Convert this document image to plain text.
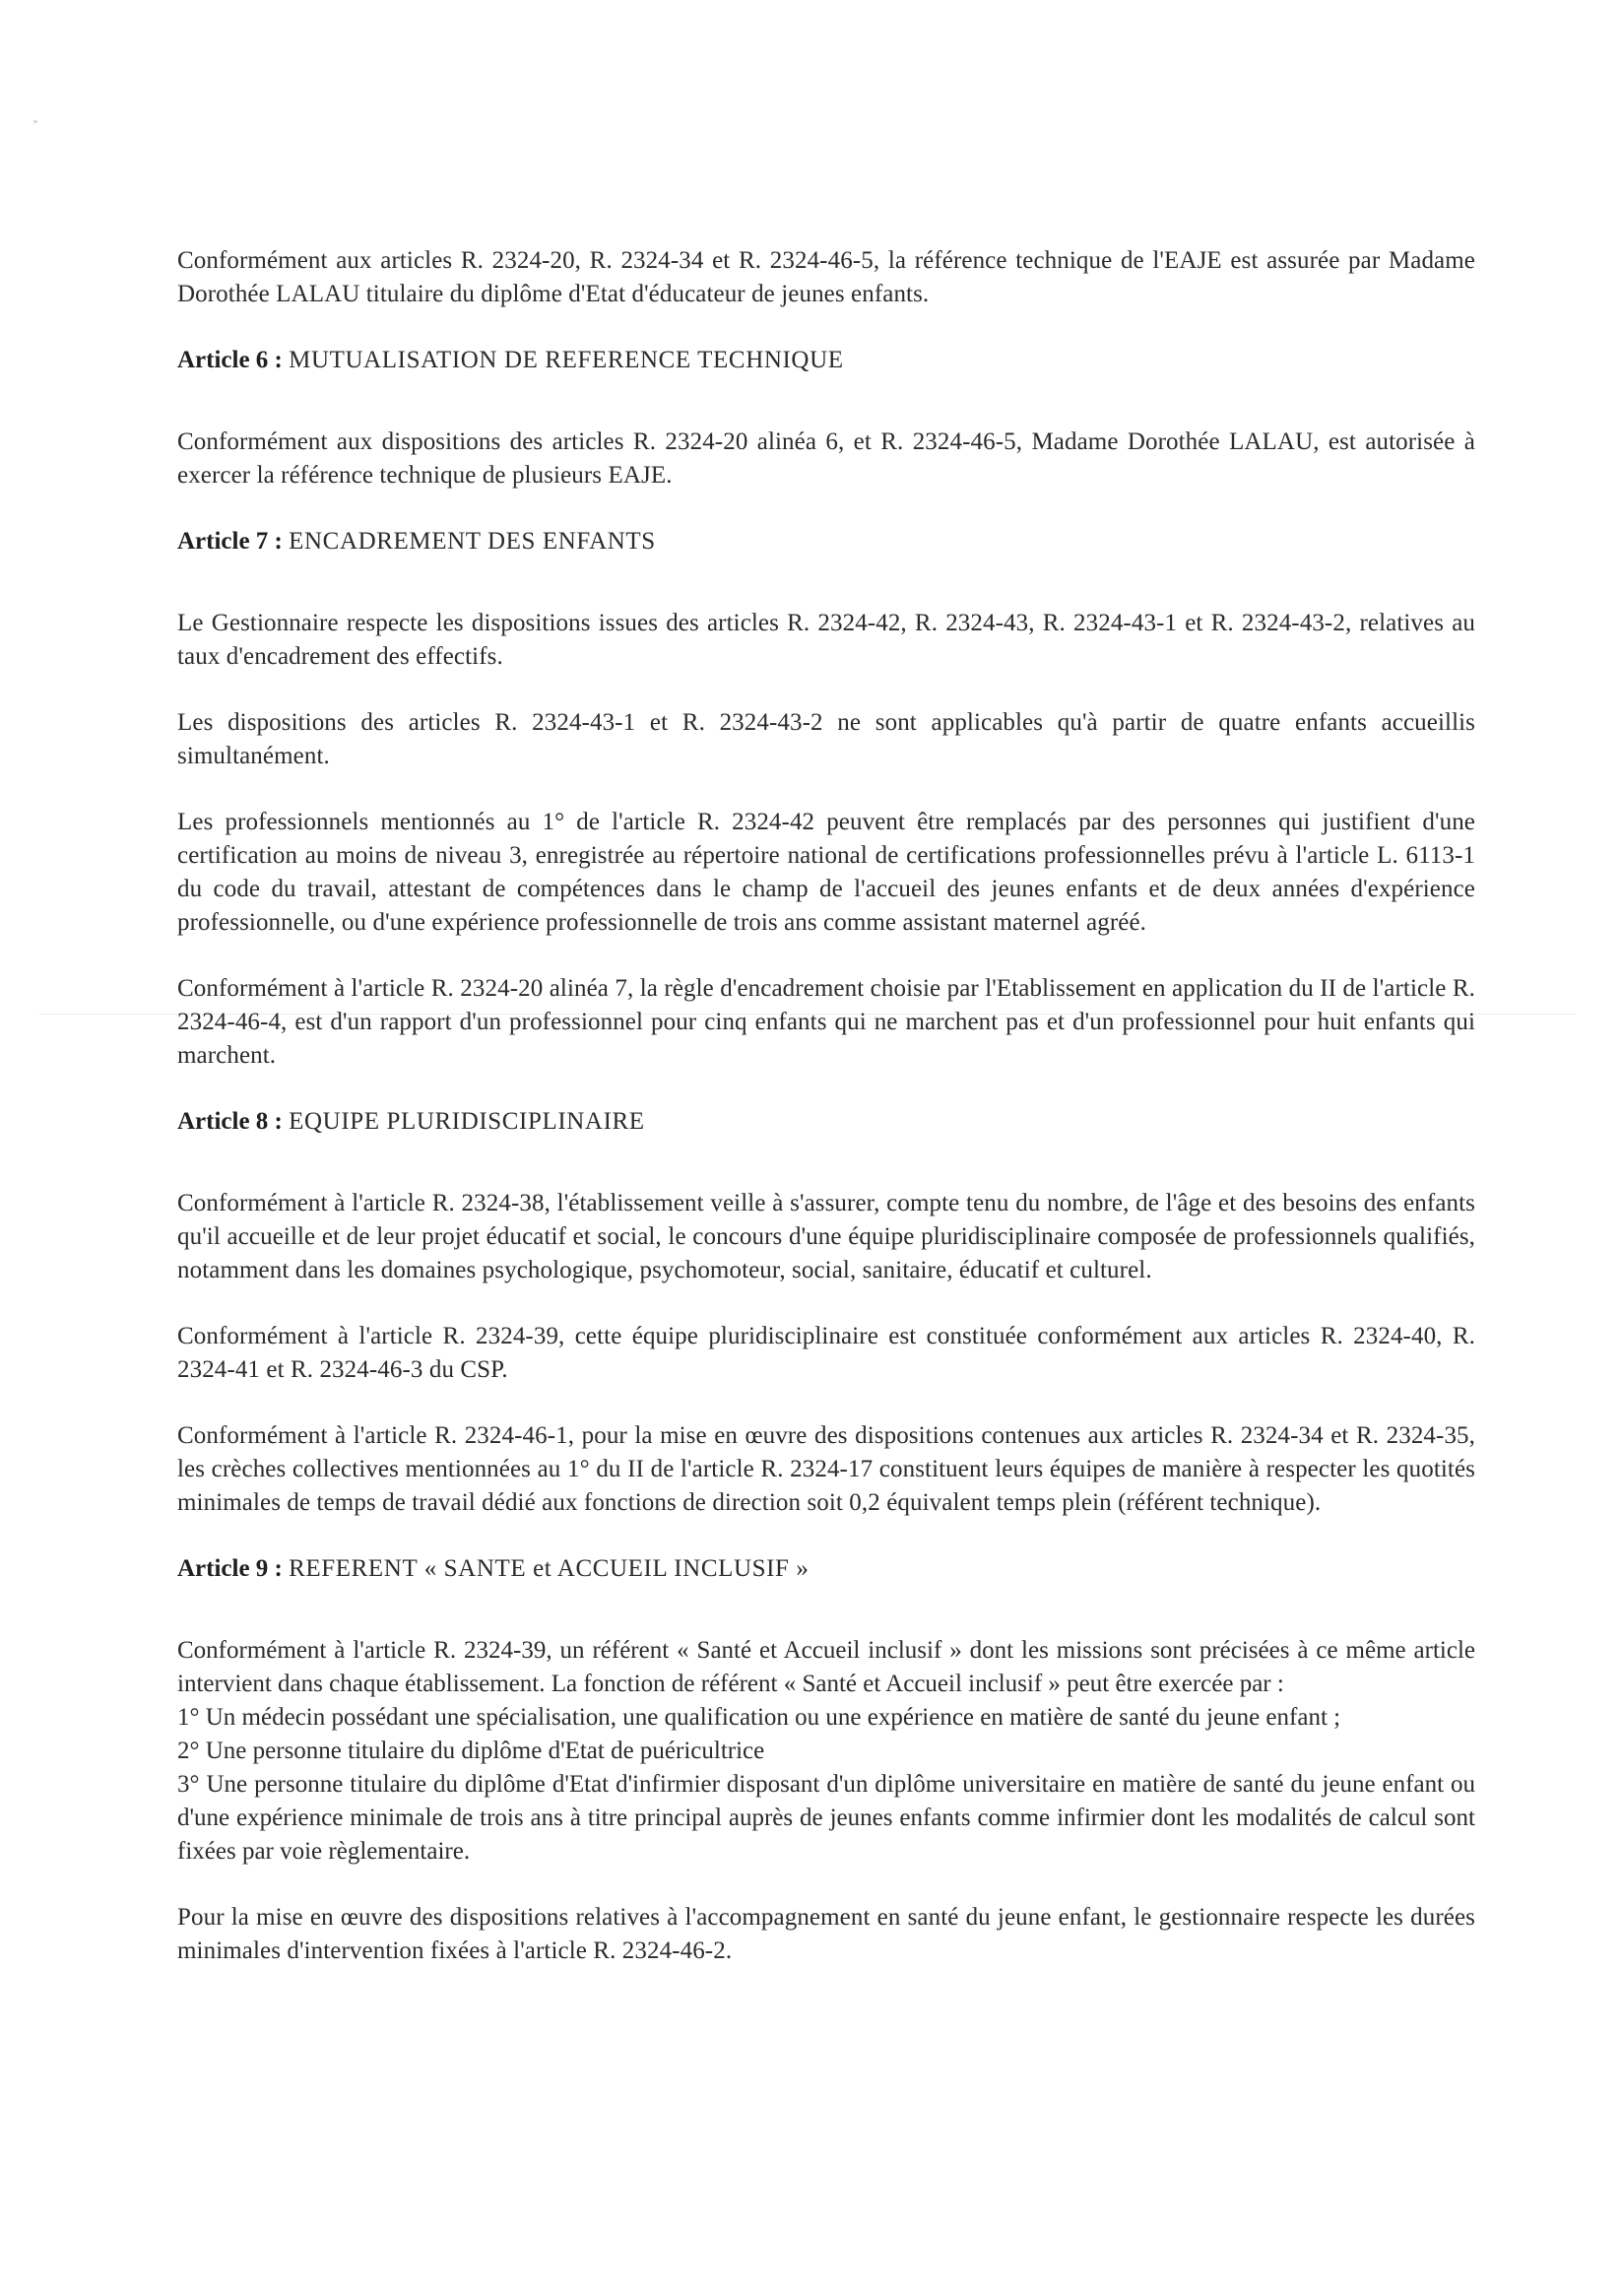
Conformément aux articles R. 2324-20, R. 2324-34 et R. 2324-46-5, la référence technique de l'EAJE est assurée par Madame Dorothée LALAU titulaire du diplôme d'Etat d'éducateur de jeunes enfants.

Article 6 : MUTUALISATION DE REFERENCE TECHNIQUE

Conformément aux dispositions des articles R. 2324-20 alinéa 6, et R. 2324-46-5, Madame Dorothée LALAU, est autorisée à exercer la référence technique de plusieurs EAJE.

Article 7 : ENCADREMENT DES ENFANTS

Le Gestionnaire respecte les dispositions issues des articles R. 2324-42, R. 2324-43, R. 2324-43-1 et R. 2324-43-2, relatives au taux d'encadrement des effectifs.

Les dispositions des articles R. 2324-43-1 et R. 2324-43-2 ne sont applicables qu'à partir de quatre enfants accueillis simultanément.

Les professionnels mentionnés au 1° de l'article R. 2324-42 peuvent être remplacés par des personnes qui justifient d'une certification au moins de niveau 3, enregistrée au répertoire national de certifications professionnelles prévu à l'article L. 6113-1 du code du travail, attestant de compétences dans le champ de l'accueil des jeunes enfants et de deux années d'expérience professionnelle, ou d'une expérience professionnelle de trois ans comme assistant maternel agréé.

Conformément à l'article R. 2324-20 alinéa 7, la règle d'encadrement choisie par l'Etablissement en application du II de l'article R. 2324-46-4, est d'un rapport d'un professionnel pour cinq enfants qui ne marchent pas et d'un professionnel pour huit enfants qui marchent.

Article 8 : EQUIPE PLURIDISCIPLINAIRE

Conformément à l'article R. 2324-38, l'établissement veille à s'assurer, compte tenu du nombre, de l'âge et des besoins des enfants qu'il accueille et de leur projet éducatif et social, le concours d'une équipe pluridisciplinaire composée de professionnels qualifiés, notamment dans les domaines psychologique, psychomoteur, social, sanitaire, éducatif et culturel.

Conformément à l'article R. 2324-39, cette équipe pluridisciplinaire est constituée conformément aux articles R. 2324-40, R. 2324-41 et R. 2324-46-3 du CSP.

Conformément à l'article R. 2324-46-1, pour la mise en œuvre des dispositions contenues aux articles R. 2324-34 et R. 2324-35, les crèches collectives mentionnées au 1° du II de l'article R. 2324-17 constituent leurs équipes de manière à respecter les quotités minimales de temps de travail dédié aux fonctions de direction soit 0,2 équivalent temps plein (référent technique).

Article 9 : REFERENT « SANTE et ACCUEIL INCLUSIF »
Conformément à l'article R. 2324-39, un référent « Santé et Accueil inclusif » dont les missions sont précisées à ce même article intervient dans chaque établissement. La fonction de référent « Santé et Accueil inclusif » peut être exercée par :
1° Un médecin possédant une spécialisation, une qualification ou une expérience en matière de santé du jeune enfant ;
2° Une personne titulaire du diplôme d'Etat de puéricultrice
3° Une personne titulaire du diplôme d'Etat d'infirmier disposant d'un diplôme universitaire en matière de santé du jeune enfant ou d'une expérience minimale de trois ans à titre principal auprès de jeunes enfants comme infirmier dont les modalités de calcul sont fixées par voie règlementaire.

Pour la mise en œuvre des dispositions relatives à l'accompagnement en santé du jeune enfant, le gestionnaire respecte les durées minimales d'intervention fixées à l'article R. 2324-46-2.
